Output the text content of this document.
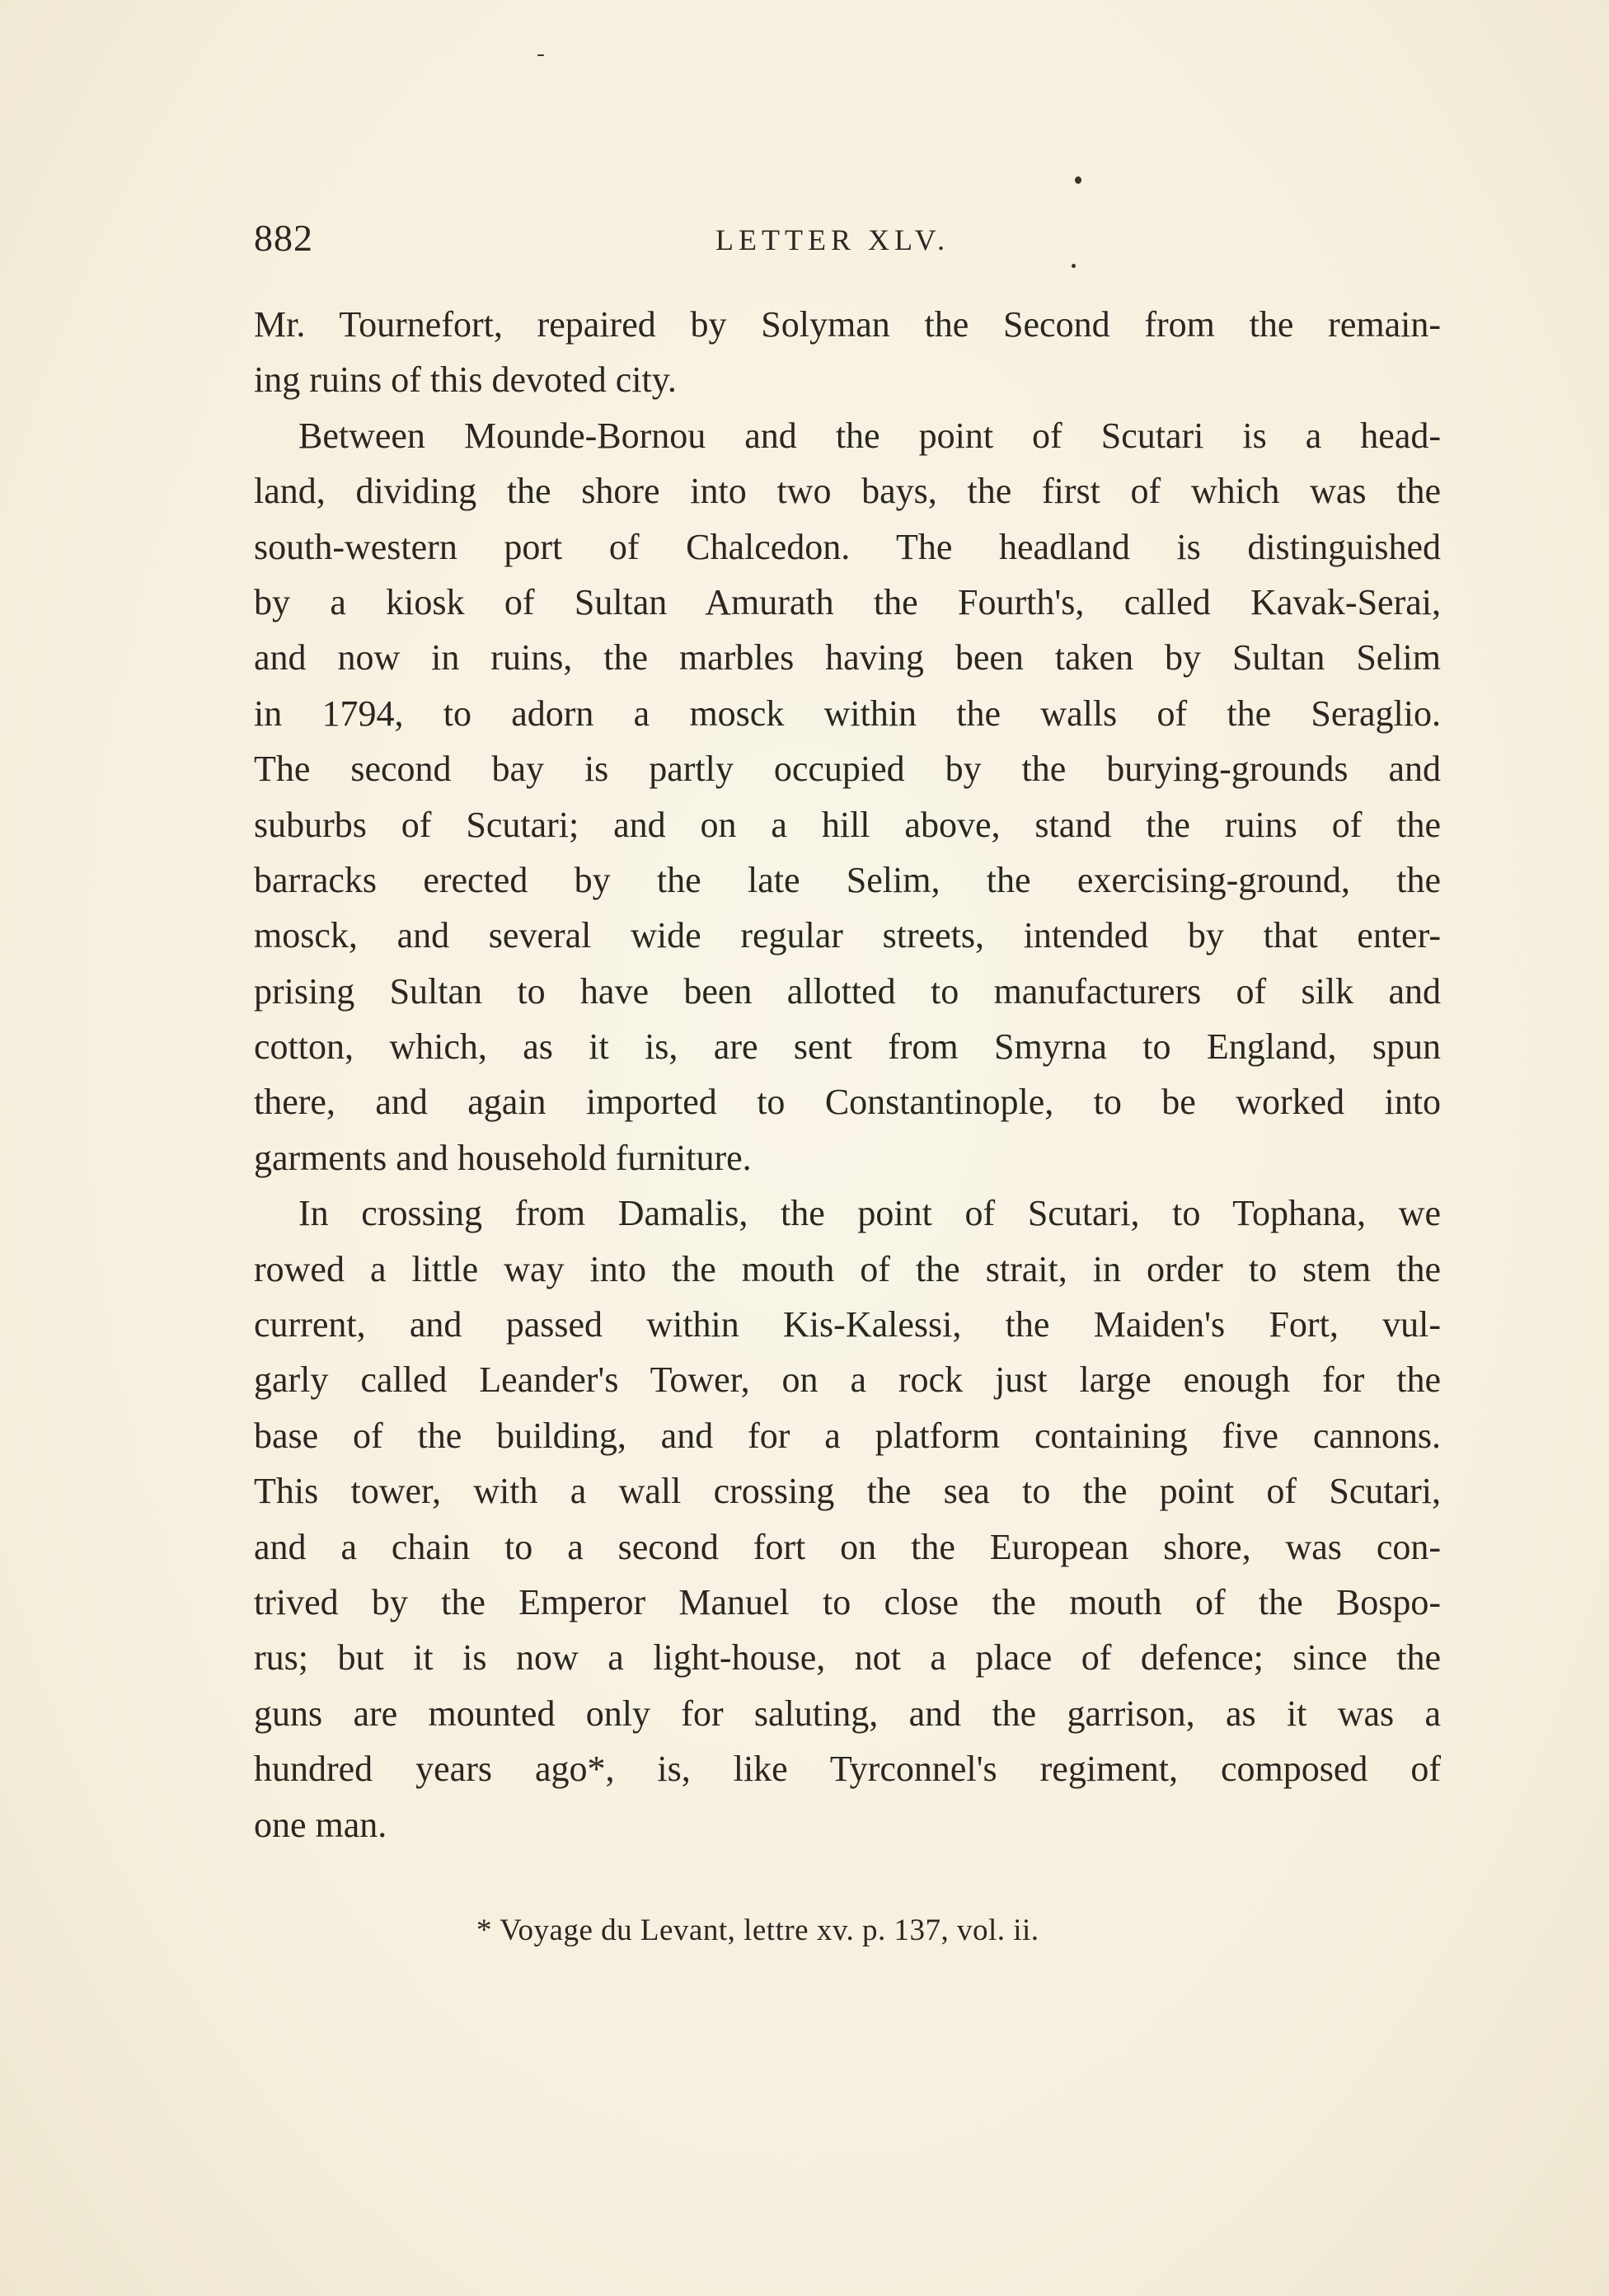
882	LETTER XLV.
Mr. Tournefort, repaired by Solyman the Second from the remain-
ing ruins of this devoted city.
Between Mounde-Bornou and the point of Scutari is a head-
land, dividing the shore into two bays, the first of which was the
south-western port of Chalcedon. The headland is distinguished
by a kiosk of Sultan Amurath the Fourth's, called Kavak-Serai,
and now in ruins, the marbles having been taken by Sultan Selim
in 1794, to adorn a mosck within the walls of the Seraglio.
The second bay is partly occupied by the burying-grounds and
suburbs of Scutari; and on a hill above, stand the ruins of the
barracks erected by the late Selim, the exercising-ground, the
mosck, and several wide regular streets, intended by that enter-
prising Sultan to have been allotted to manufacturers of silk and
cotton, which, as it is, are sent from Smyrna to England, spun
there, and again imported to Constantinople, to be worked into
garments and household furniture.
In crossing from Damalis, the point of Scutari, to Tophana, we
rowed a little way into the mouth of the strait, in order to stem the
current, and passed within Kis-Kalessi, the Maiden's Fort, vul-
garly called Leander's Tower, on a rock just large enough for the
base of the building, and for a platform containing five cannons.
This tower, with a wall crossing the sea to the point of Scutari,
and a chain to a second fort on the European shore, was con-
trived by the Emperor Manuel to close the mouth of the Bospo-
rus; but it is now a light-house, not a place of defence; since the
guns are mounted only for saluting, and the garrison, as it was a
hundred years ago*, is, like Tyrconnel's regiment, composed of
one man.
* Voyage du Levant, lettre xv. p. 137, vol. ii.
